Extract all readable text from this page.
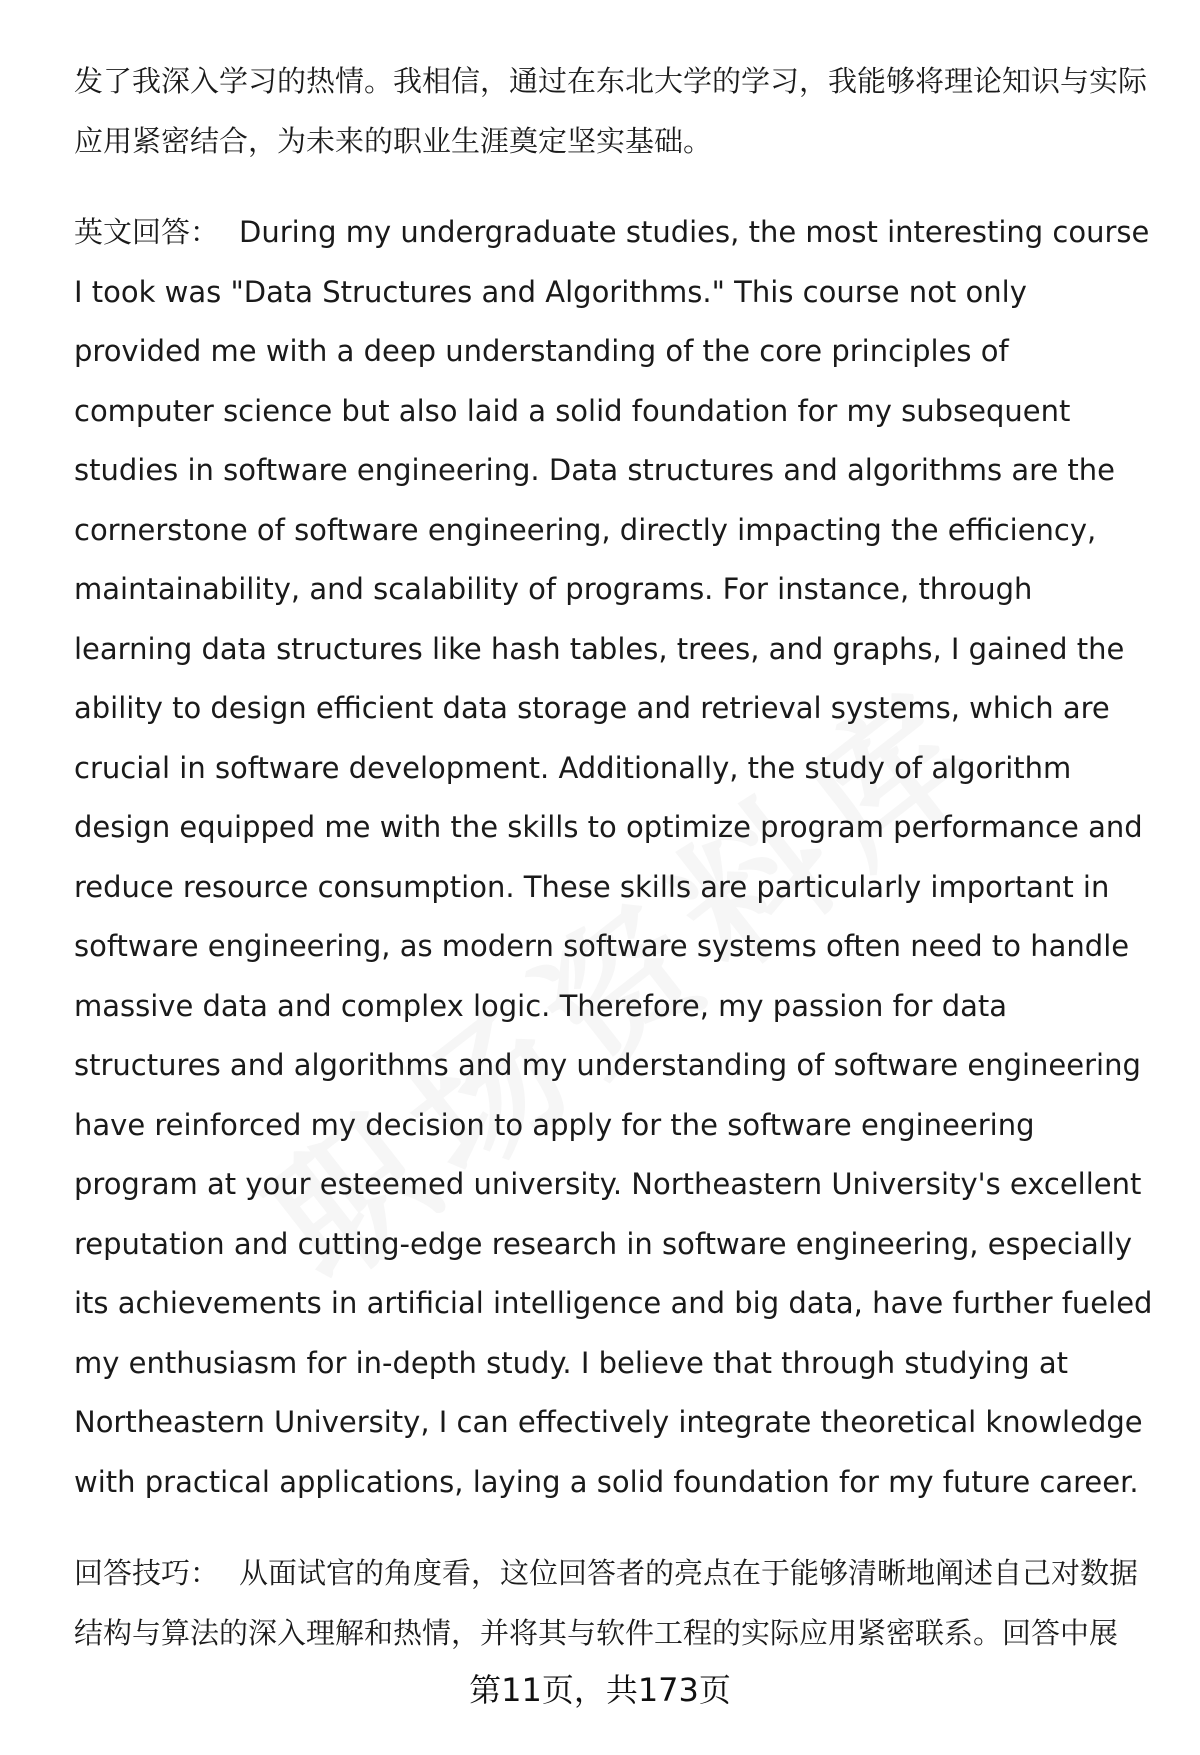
发了我深入学习的热情。我相信，通过在东北大学的学习，我能够将理论知识与实际应用紧密结合，为未来的职业生涯奠定坚实基础。

英文回答： During my undergraduate studies, the most interesting course I took was "Data Structures and Algorithms." This course not only provided me with a deep understanding of the core principles of computer science but also laid a solid foundation for my subsequent studies in software engineering. Data structures and algorithms are the cornerstone of software engineering, directly impacting the efficiency, maintainability, and scalability of programs. For instance, through learning data structures like hash tables, trees, and graphs, I gained the ability to design efficient data storage and retrieval systems, which are crucial in software development. Additionally, the study of algorithm design equipped me with the skills to optimize program performance and reduce resource consumption. These skills are particularly important in software engineering, as modern software systems often need to handle massive data and complex logic. Therefore, my passion for data structures and algorithms and my understanding of software engineering have reinforced my decision to apply for the software engineering program at your esteemed university. Northeastern University's excellent reputation and cutting-edge research in software engineering, especially its achievements in artificial intelligence and big data, have further fueled my enthusiasm for in-depth study. I believe that through studying at Northeastern University, I can effectively integrate theoretical knowledge with practical applications, laying a solid foundation for my future career.

回答技巧： 从面试官的角度看，这位回答者的亮点在于能够清晰地阐述自己对数据结构与算法的深入理解和热情，并将其与软件工程的实际应用紧密联系。回答中展

第11页，共173页
